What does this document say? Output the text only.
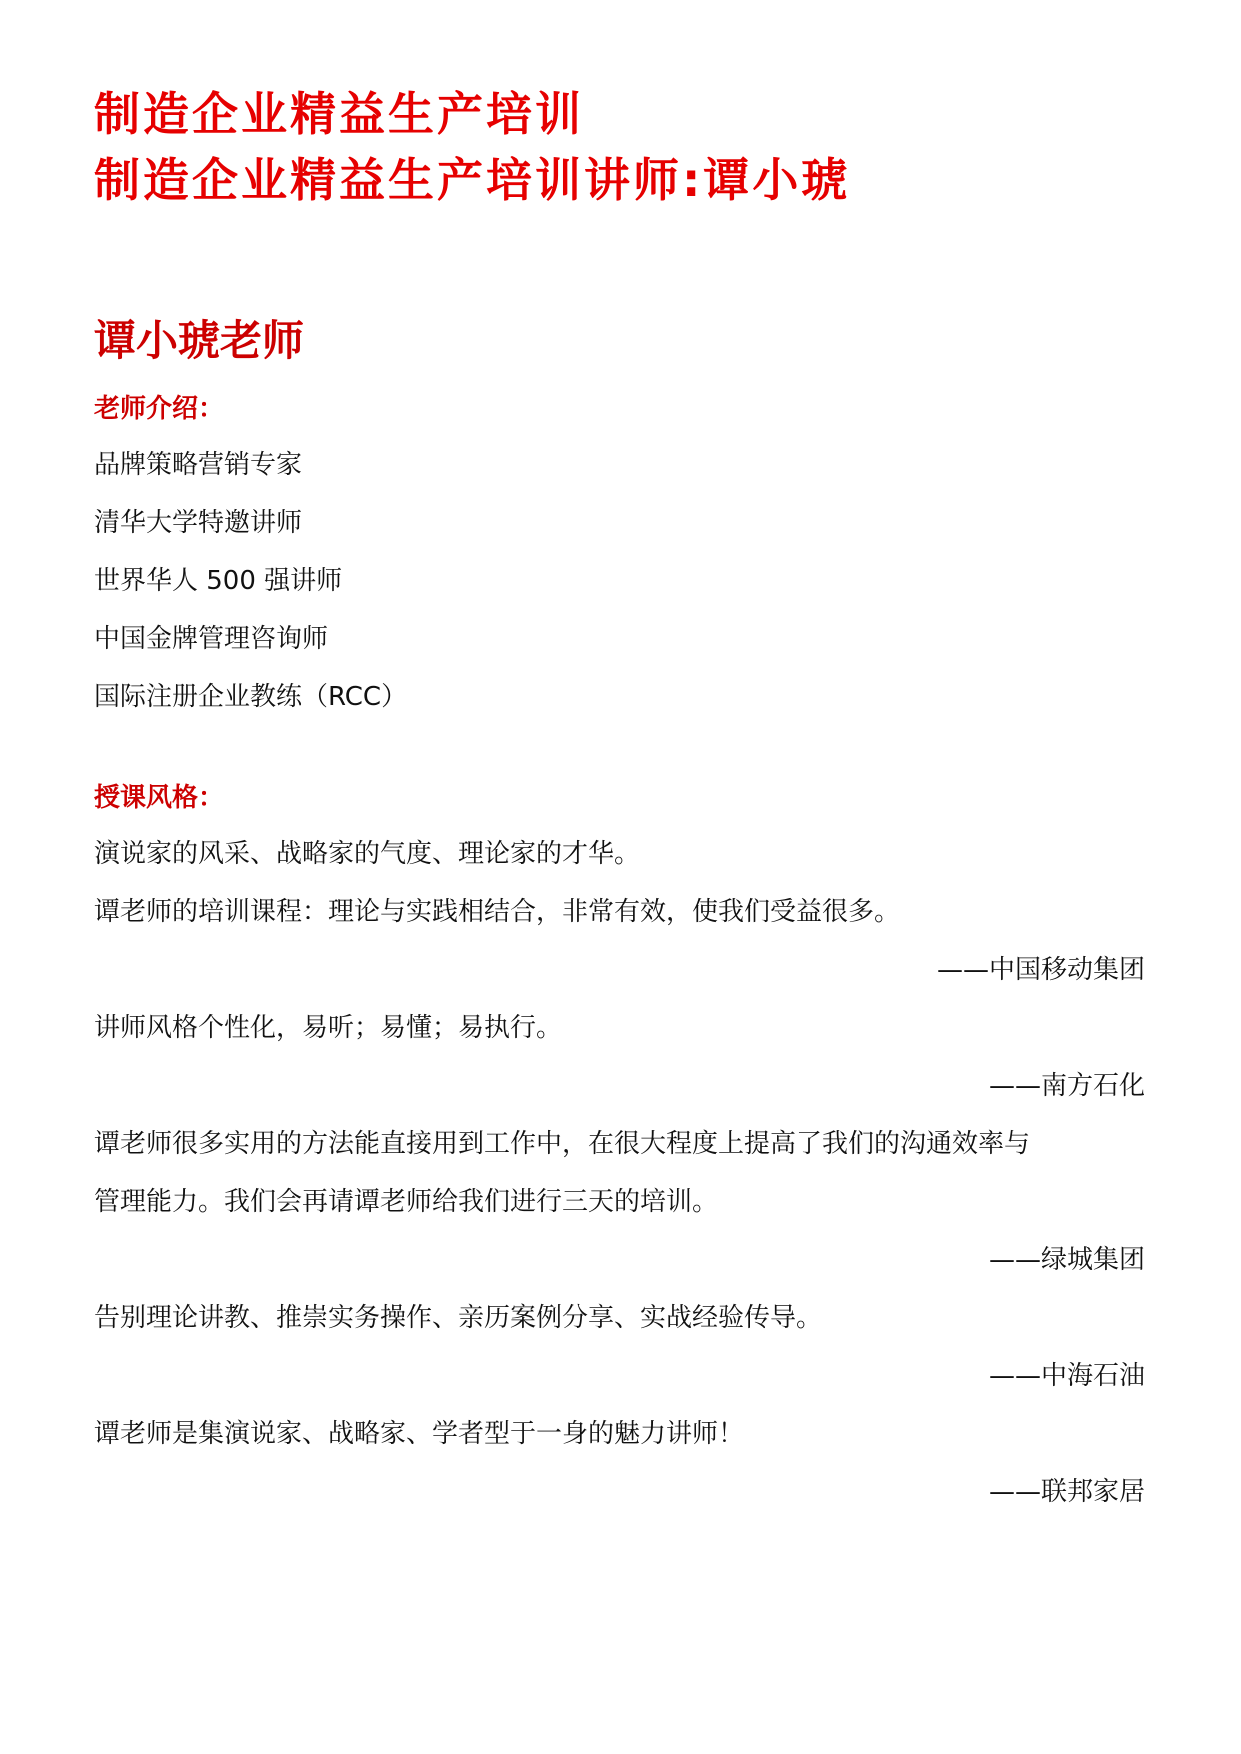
制造企业精益生产培训
制造企业精益生产培训讲师:谭小琥
谭小琥老师

老师介绍：

品牌策略营销专家

清华大学特邀讲师

世界华人 500 强讲师

中国金牌管理咨询师

国际注册企业教练（RCC）

授课风格：

演说家的风采、战略家的气度、理论家的才华。

谭老师的培训课程：理论与实践相结合，非常有效，使我们受益很多。

——中国移动集团

讲师风格个性化，易听；易懂；易执行。

——南方石化

谭老师很多实用的方法能直接用到工作中，在很大程度上提高了我们的沟通效率与

管理能力。我们会再请谭老师给我们进行三天的培训。

——绿城集团

告别理论讲教、推崇实务操作、亲历案例分享、实战经验传导。

——中海石油

谭老师是集演说家、战略家、学者型于一身的魅力讲师！

——联邦家居
